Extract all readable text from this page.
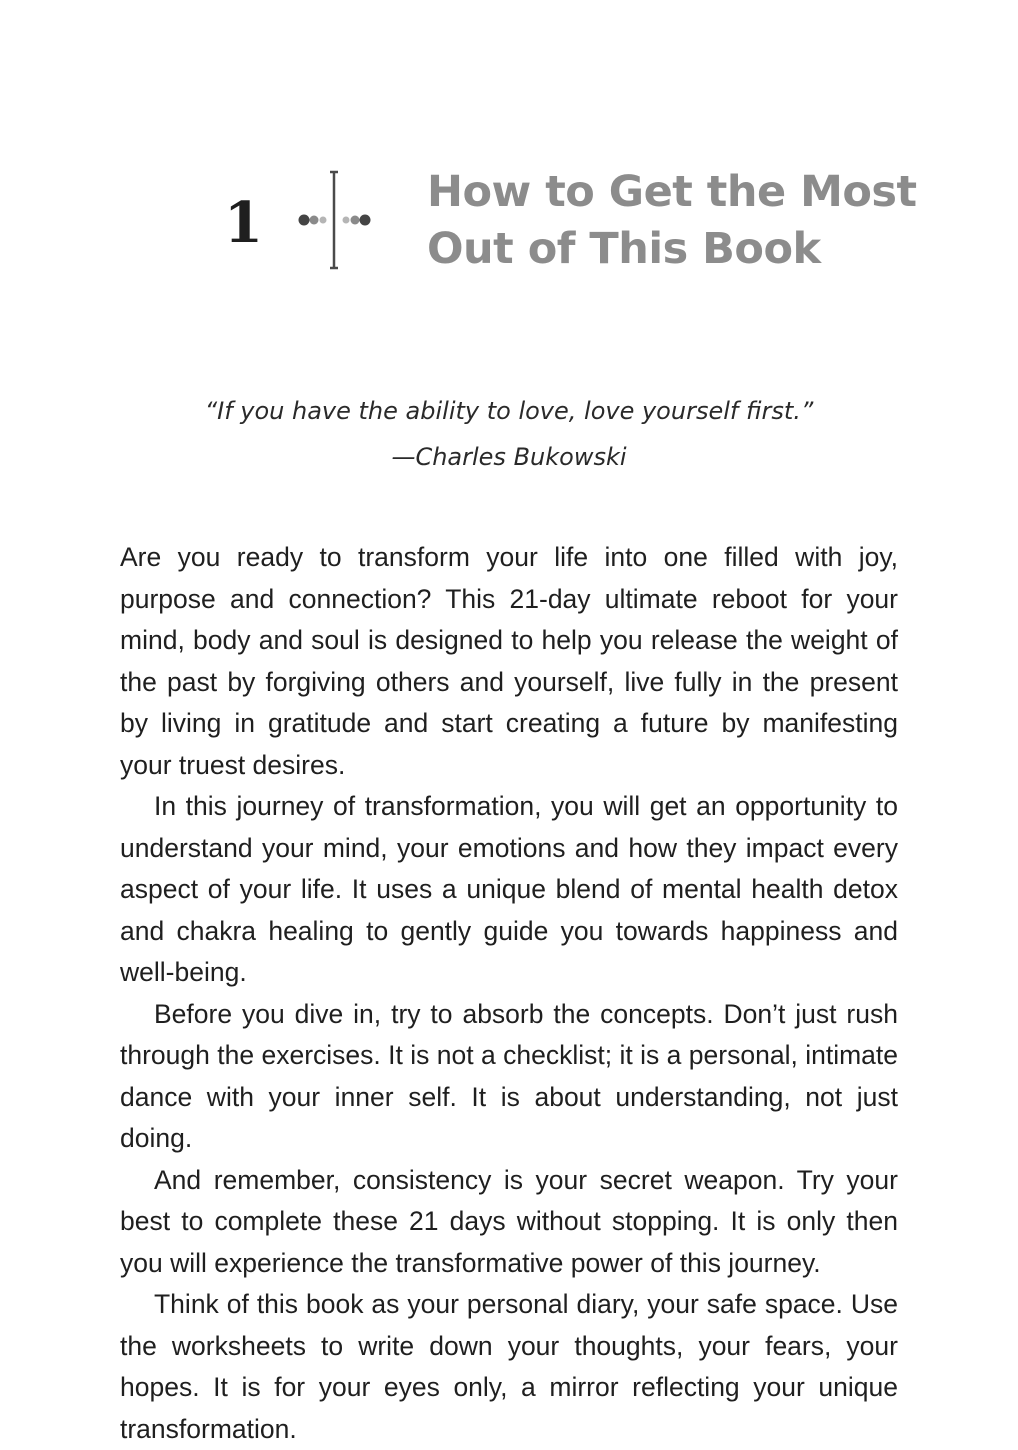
1	How to Get the Most
Out of This Book
“If you have the ability to love, love yourself first.”
—Charles Bukowski

Are you ready to transform your life into one filled with joy, purpose and connection? This 21-day ultimate reboot for your mind, body and soul is designed to help you release the weight of the past by forgiving others and yourself, live fully in the present by living in gratitude and start creating a future by manifesting your truest desires.

In this journey of transformation, you will get an opportunity to understand your mind, your emotions and how they impact every aspect of your life. It uses a unique blend of mental health detox and chakra healing to gently guide you towards happiness and well-being.

Before you dive in, try to absorb the concepts. Don’t just rush through the exercises. It is not a checklist; it is a personal, intimate dance with your inner self. It is about understanding, not just doing.

And remember, consistency is your secret weapon. Try your best to complete these 21 days without stopping. It is only then you will experience the transformative power of this journey.

Think of this book as your personal diary, your safe space. Use the worksheets to write down your thoughts, your fears, your hopes. It is for your eyes only, a mirror reflecting your unique transformation.
